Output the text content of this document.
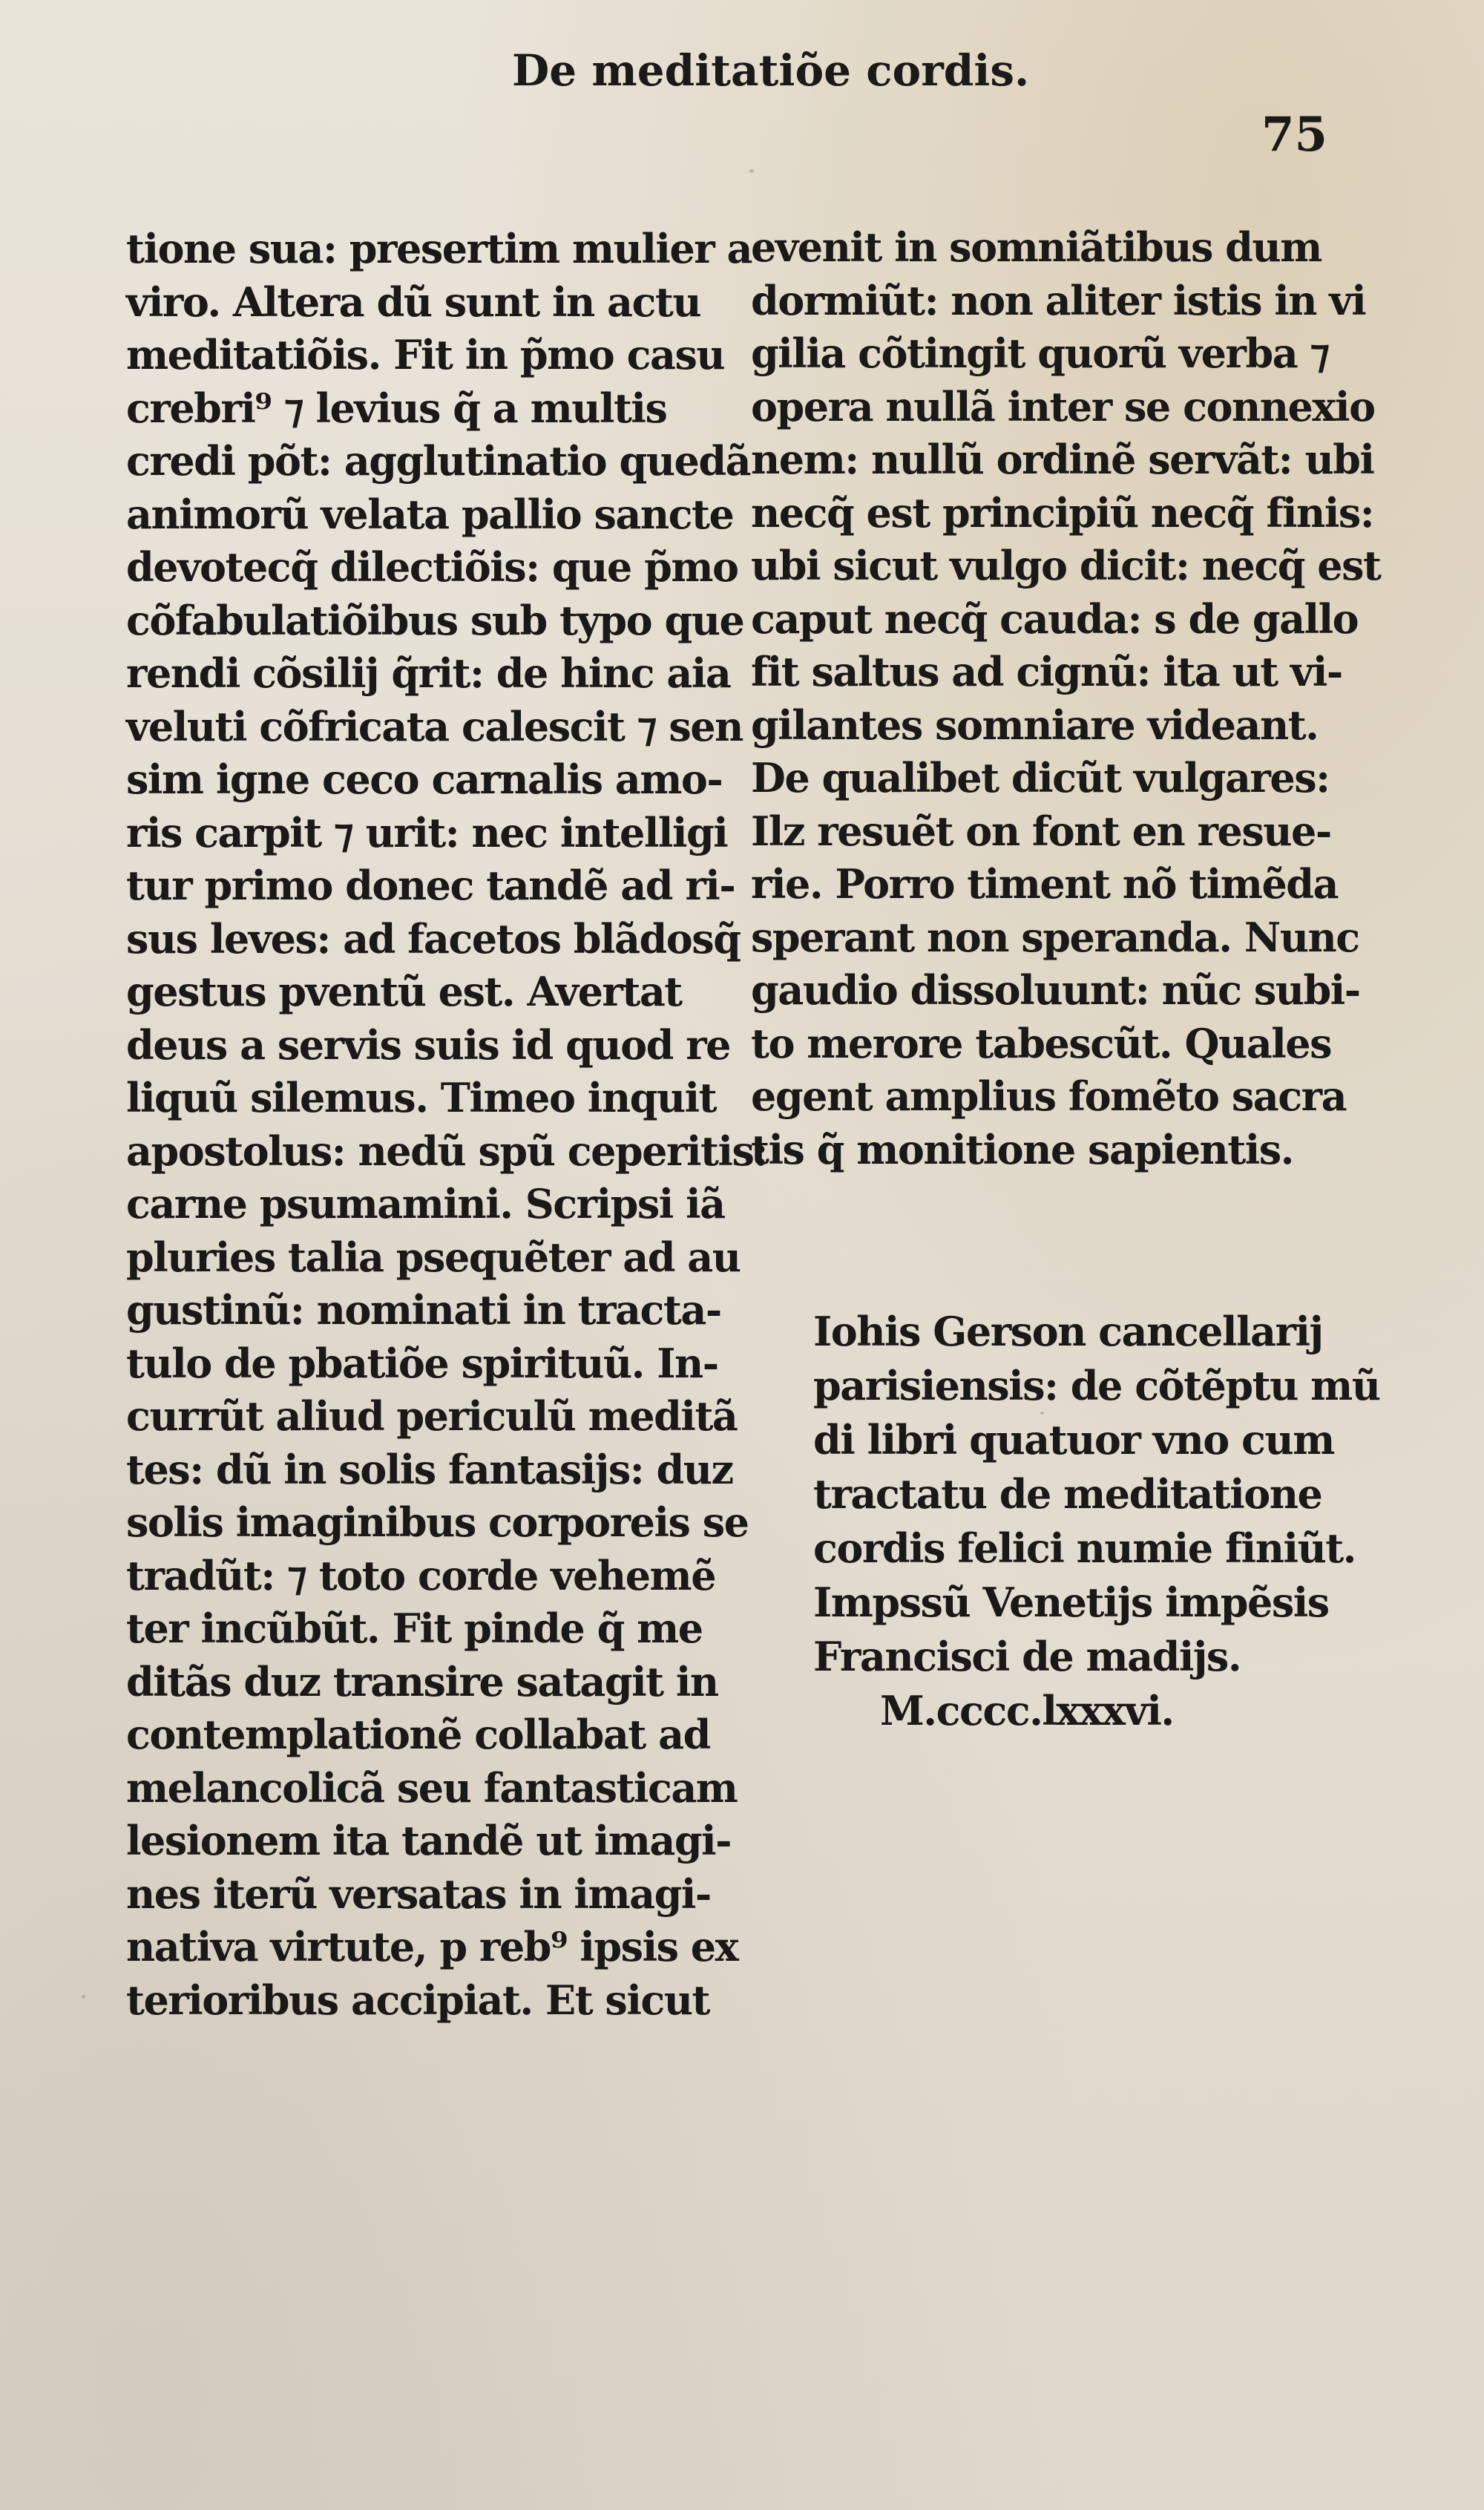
De meditatiõe cordis.
75
tione sua: presertim mulier a
viro. Altera dũ sunt in actu
meditatiõis. Fit in p̃mo casu
crebri⁹ ⁊ levius q̃ a multis
credi põt: agglutinatio quedã
animorũ velata pallio sancte
devotecq̃ dilectiõis: que p̃mo
cõfabulatiõibus sub typo que
rendi cõsilij q̃rit: de hinc aia
veluti cõfricata calescit ⁊ sen
sim igne ceco carnalis amo-
ris carpit ⁊ urit: nec intelligi
tur primo donec tandẽ ad ri-
sus leves: ad facetos blãdosq̃
gestus pventũ est. Avertat
deus a servis suis id quod re
liquũ silemus. Timeo inquit
apostolus: nedũ spũ ceperitis:
carne psumamini. Scripsi iã
pluries talia psequẽter ad au
gustinũ: nominati in tracta-
tulo de pbatiõe spirituũ. In-
currũt aliud periculũ meditã
tes: dũ in solis fantasijs: duz
solis imaginibus corporeis se
tradũt: ⁊ toto corde vehemẽ
ter incũbũt. Fit pinde q̃ me
ditãs duz transire satagit in
contemplationẽ collabat ad
melancolicã seu fantasticam
lesionem ita tandẽ ut imagi-
nes iterũ versatas in imagi-
nativa virtute, p reb⁹ ipsis ex
terioribus accipiat. Et sicut
evenit in somniãtibus dum
dormiũt: non aliter istis in vi
gilia cõtingit quorũ verba ⁊
opera nullã inter se connexio
nem: nullũ ordinẽ servãt: ubi
necq̃ est principiũ necq̃ finis:
ubi sicut vulgo dicit: necq̃ est
caput necq̃ cauda: s de gallo
fit saltus ad cignũ: ita ut vi-
gilantes somniare videant.
De qualibet dicũt vulgares:
Ilz resuẽt on font en resue-
rie. Porro timent nõ timẽda
sperant non speranda. Nunc
gaudio dissoluunt: nũc subi-
to merore tabescũt. Quales
egent amplius fomẽto sacra
tis q̃ monitione sapientis.
Iohis Gerson cancellarij
parisiensis: de cõtẽptu mũ
di libri quatuor vno cum
tractatu de meditatione
cordis felici numie finiũt.
Impssũ Venetijs impẽsis
Francisci de madijs.
M.cccc.lxxxvi.
